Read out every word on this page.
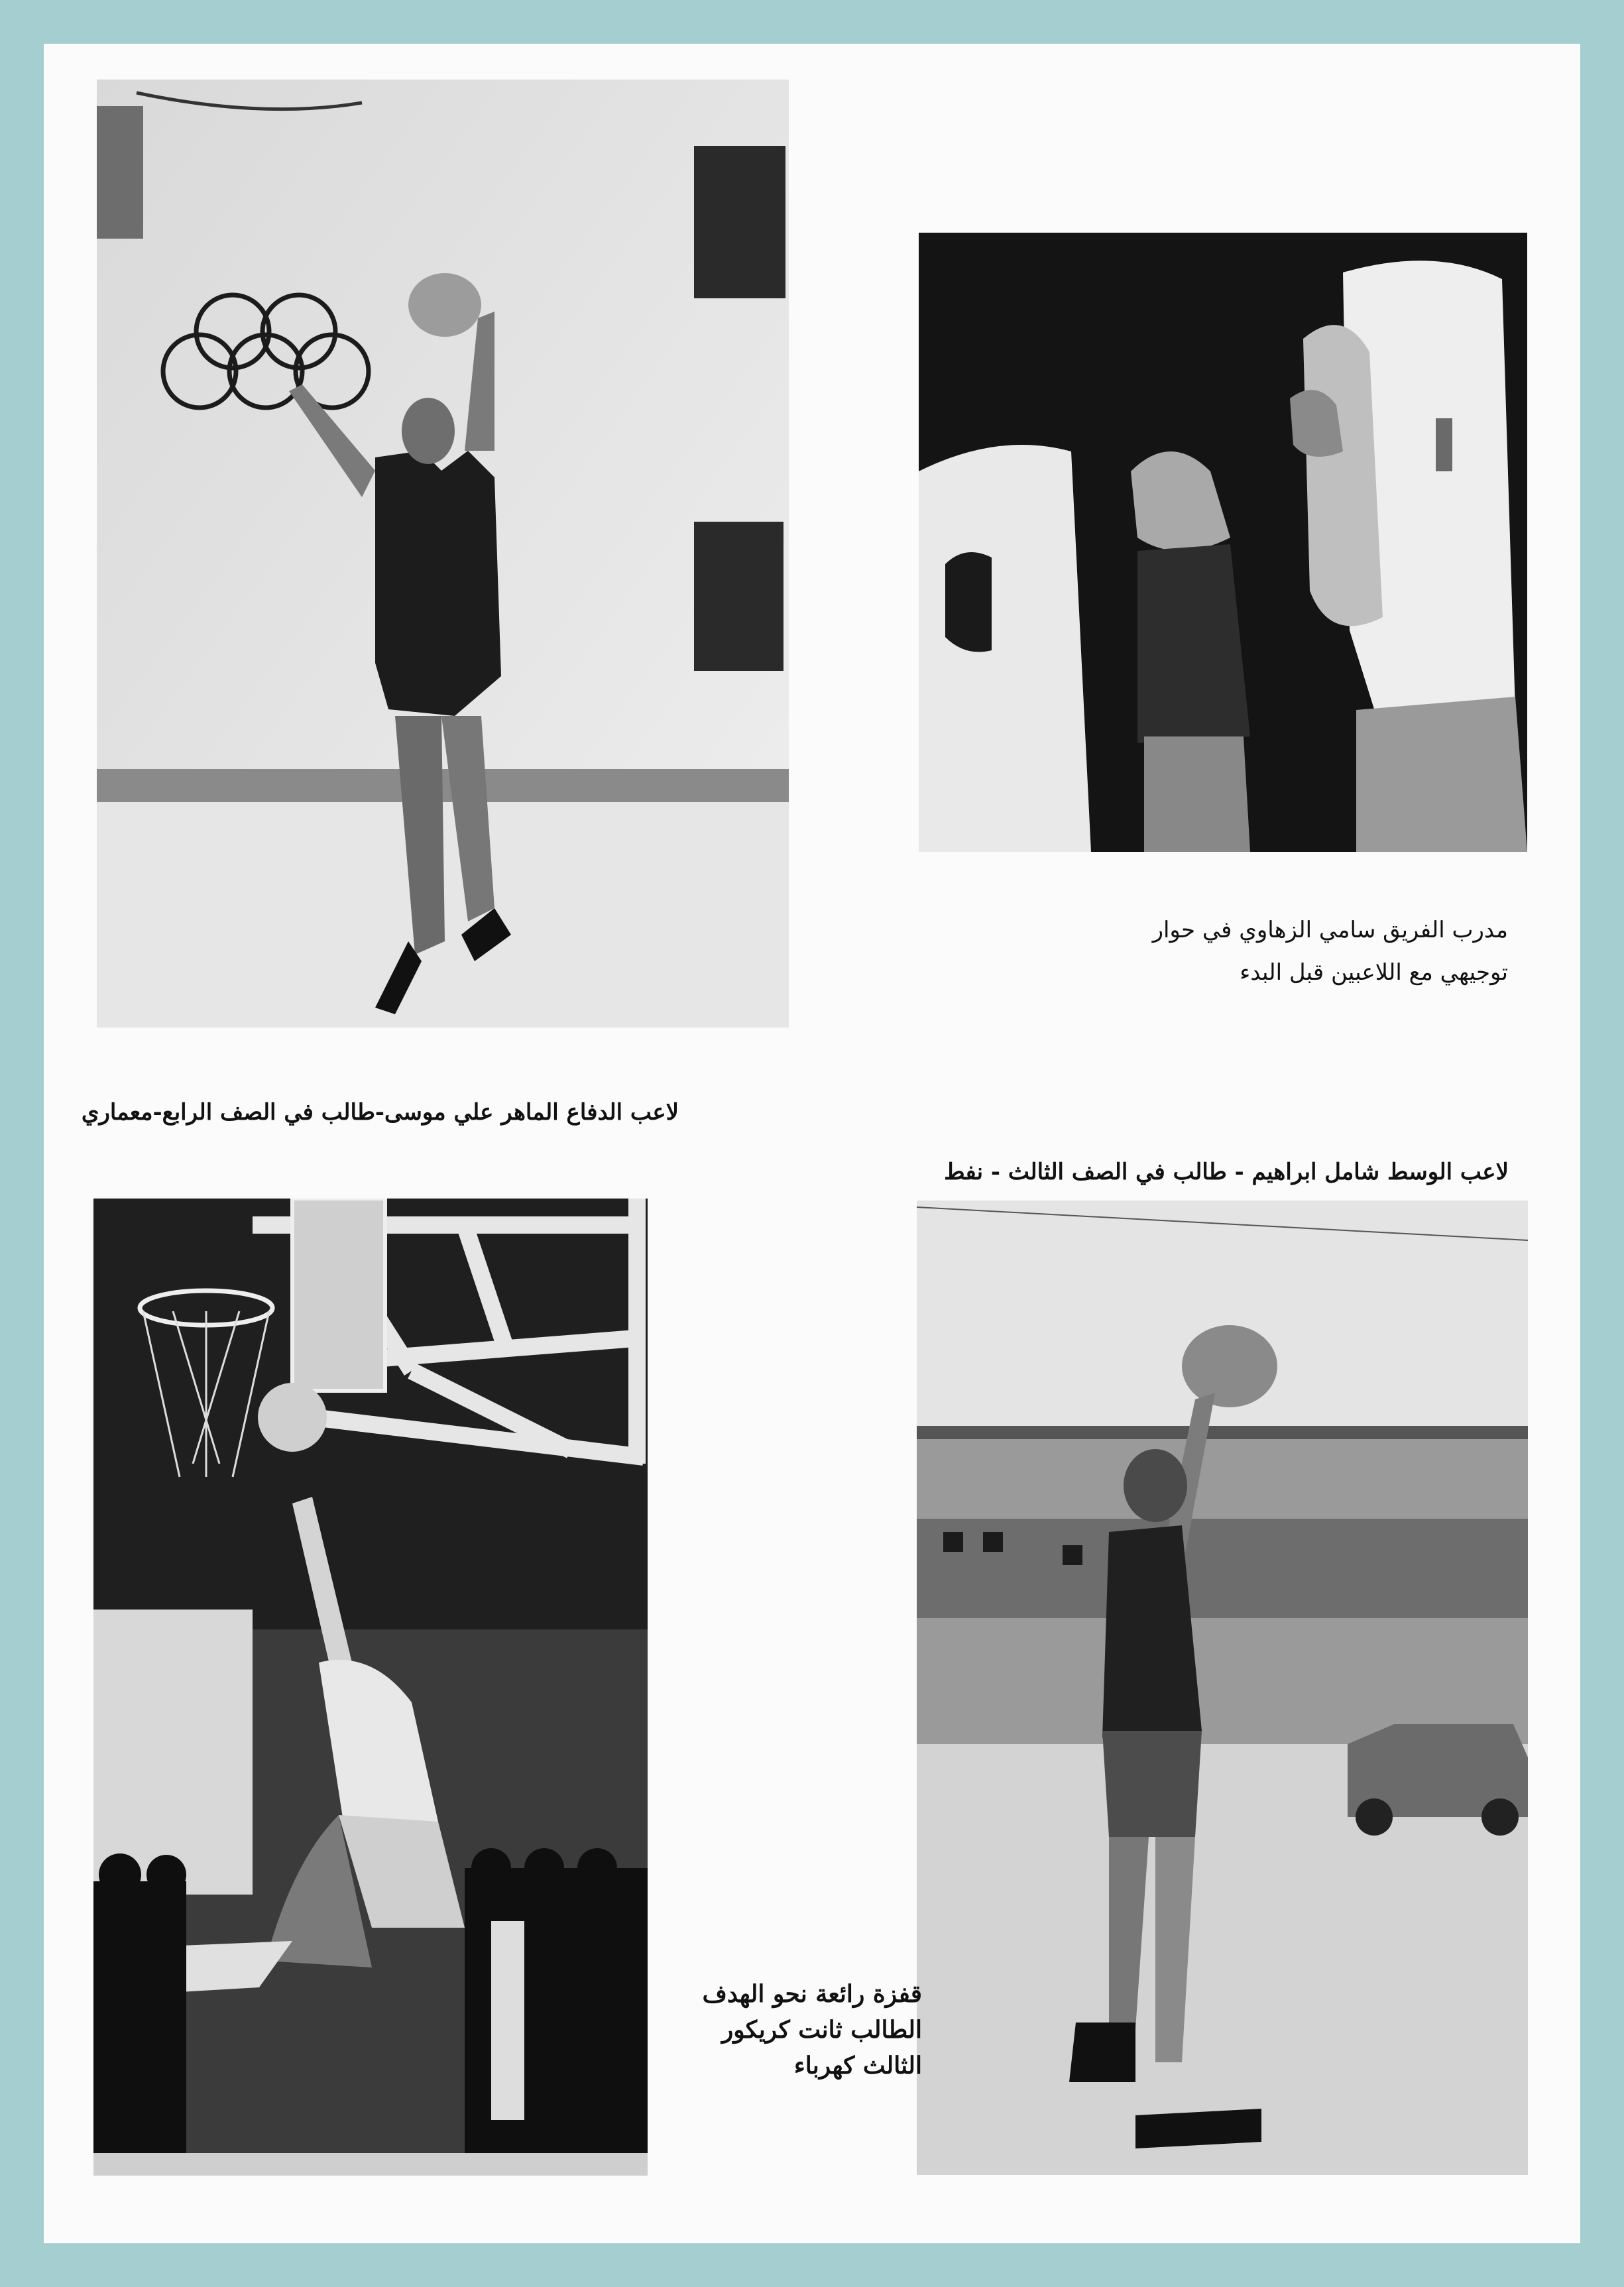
مدرب الفريق سامي الزهاوي في حوار
توجيهي مع اللاعبين قبل البدء
لاعب الدفاع الماهر علي موسى-طالب في الصف الرابع-معماري
لاعب الوسط شامل ابراهيم - طالب في الصف الثالث - نفط
قفزة رائعة نحو الهدف
الطالب ثانت كريكور
الثالث كهرباء
